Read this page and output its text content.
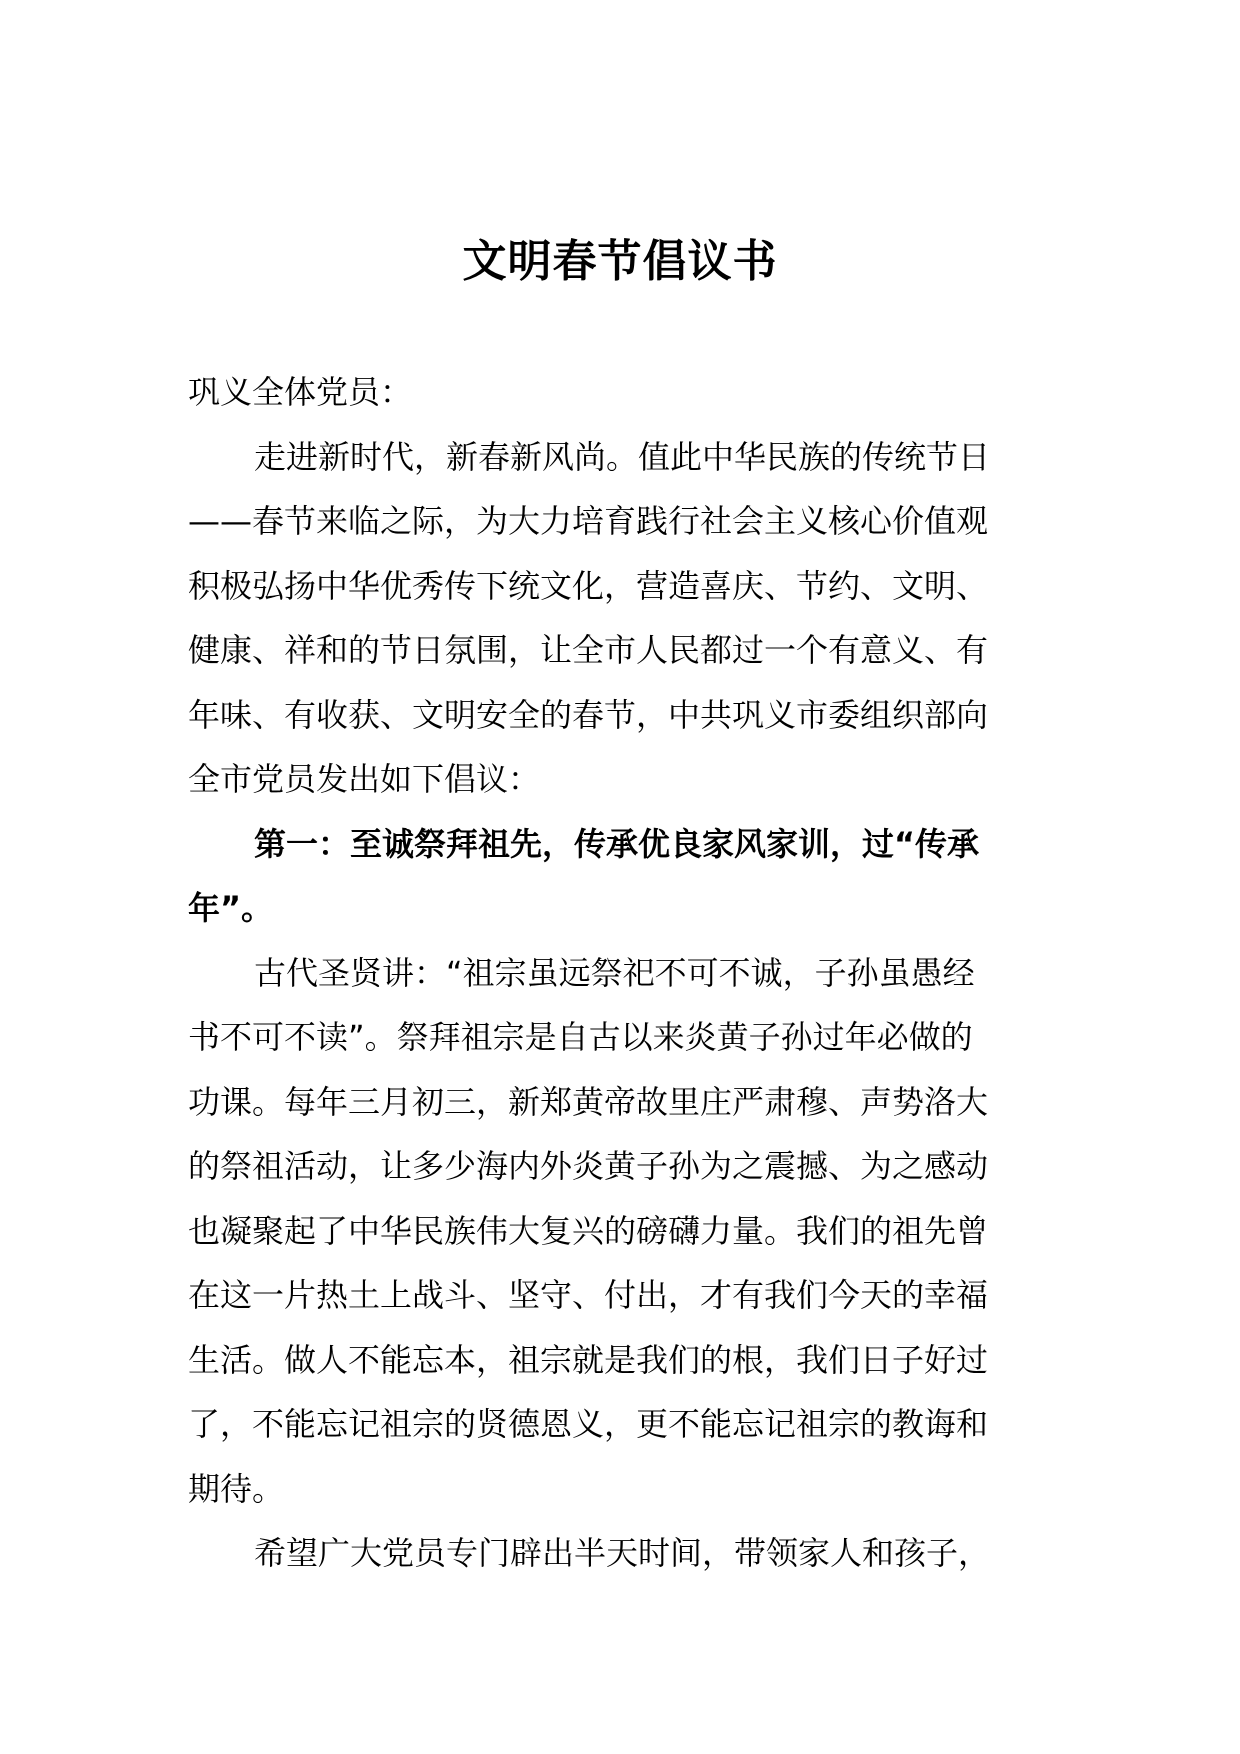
文明春节倡议书
巩义全体党员：
走进新时代，新春新风尚。值此中华民族的传统节日
——春节来临之际，为大力培育践行社会主义核心价值观
积极弘扬中华优秀传下统文化，营造喜庆、节约、文明、
健康、祥和的节日氛围，让全市人民都过一个有意义、有
年味、有收获、文明安全的春节，中共巩义市委组织部向
全市党员发出如下倡议：
第一：至诚祭拜祖先，传承优良家风家训，过“传承
年”。
古代圣贤讲：“祖宗虽远祭祀不可不诚，子孙虽愚经
书不可不读”。祭拜祖宗是自古以来炎黄子孙过年必做的
功课。每年三月初三，新郑黄帝故里庄严肃穆、声势洛大
的祭祖活动，让多少海内外炎黄子孙为之震撼、为之感动
也凝聚起了中华民族伟大复兴的磅礴力量。我们的祖先曾
在这一片热土上战斗、坚守、付出，才有我们今天的幸福
生活。做人不能忘本，祖宗就是我们的根，我们日子好过
了，不能忘记祖宗的贤德恩义，更不能忘记祖宗的教诲和
期待。
希望广大党员专门辟出半天时间，带领家人和孩子，
